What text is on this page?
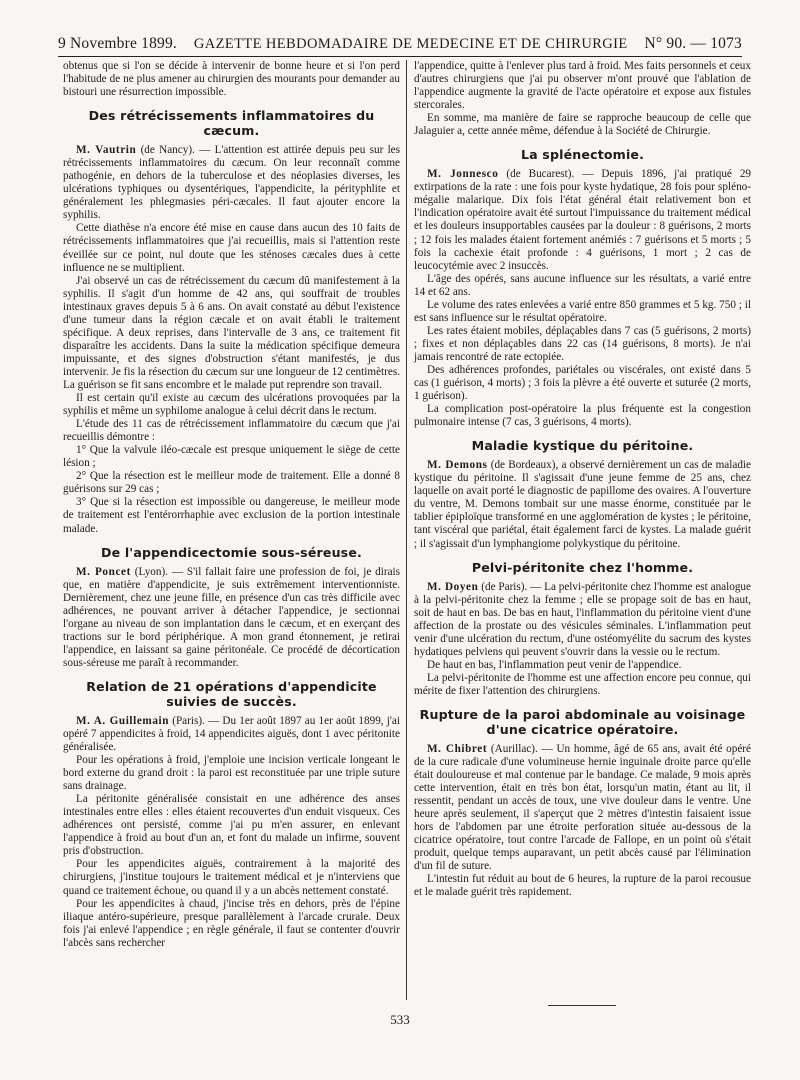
9 Novembre 1899. GAZETTE HEBDOMADAIRE DE MEDECINE ET DE CHIRURGIE N° 90. — 1073

obtenus que si l'on se décide à intervenir de bonne heure et si l'on perd l'habitude de ne plus amener au chirurgien des mourants pour demander au bistouri une résurrection impossible.

Des rétrécissements inflammatoires du cæcum.

M. Vautrin (de Nancy). — L'attention est attirée depuis peu sur les rétrécissements inflammatoires du cæcum. On leur reconnaît comme pathogénie, en dehors de la tuberculose et des néoplasies diverses, les ulcérations typhiques ou dysentériques, l'appendicite, la pérityphlite et généralement les phlegmasies péri-cæcales. Il faut ajouter encore la syphilis.

Cette diathèse n'a encore été mise en cause dans aucun des 10 faits de rétrécissements inflammatoires que j'ai recueillis, mais si l'attention reste éveillée sur ce point, nul doute que les sténoses cæcales dues à cette influence ne se multiplient.

J'ai observé un cas de rétrécissement du cæcum dû manifestement à la syphilis. Il s'agit d'un homme de 42 ans, qui souffrait de troubles intestinaux graves depuis 5 à 6 ans. On avait constaté au début l'existence d'une tumeur dans la région cæcale et on avait établi le traitement spécifique. A deux reprises, dans l'intervalle de 3 ans, ce traitement fit disparaître les accidents. Dans la suite la médication spécifique demeura impuissante, et des signes d'obstruction s'étant manifestés, je dus intervenir. Je fis la résection du cæcum sur une longueur de 12 centimètres. La guérison se fit sans encombre et le malade put reprendre son travail.

Il est certain qu'il existe au cæcum des ulcérations provoquées par la syphilis et même un syphilome analogue à celui décrit dans le rectum.

L'étude des 11 cas de rétrécissement inflammatoire du cæcum que j'ai recueillis démontre :

1° Que la valvule iléo-cæcale est presque uniquement le siège de cette lésion ;

2° Que la résection est le meilleur mode de traitement. Elle a donné 8 guérisons sur 29 cas ;

3° Que si la résection est impossible ou dangereuse, le meilleur mode de traitement est l'entérorrhaphie avec exclusion de la portion intestinale malade.

De l'appendicectomie sous-séreuse.

M. Poncet (Lyon). — S'il fallait faire une profession de foi, je dirais que, en matière d'appendicite, je suis extrêmement interventionniste. Dernièrement, chez une jeune fille, en présence d'un cas très difficile avec adhérences, ne pouvant arriver à détacher l'appendice, je sectionnai l'organe au niveau de son implantation dans le cæcum, et en exerçant des tractions sur le bord périphérique. A mon grand étonnement, je retirai l'appendice, en laissant sa gaine péritonéale. Ce procédé de décortication sous-séreuse me paraît à recommander.

Relation de 21 opérations d'appendicite suivies de succès.

M. A. Guillemain (Paris). — Du 1er août 1897 au 1er août 1899, j'ai opéré 7 appendicites à froid, 14 appendicites aiguës, dont 1 avec péritonite généralisée.

Pour les opérations à froid, j'emploie une incision verticale longeant le bord externe du grand droit : la paroi est reconstituée par une triple suture sans drainage.

La péritonite généralisée consistait en une adhérence des anses intestinales entre elles : elles étaient recouvertes d'un enduit visqueux. Ces adhérences ont persisté, comme j'ai pu m'en assurer, en enlevant l'appendice à froid au bout d'un an, et font du malade un infirme, souvent pris d'obstruction.

Pour les appendicites aiguës, contrairement à la majorité des chirurgiens, j'institue toujours le traitement médical et je n'interviens que quand ce traitement échoue, ou quand il y a un abcès nettement constaté.

Pour les appendicites à chaud, j'incise très en dehors, près de l'épine iliaque antéro-supérieure, presque parallèlement à l'arcade crurale. Deux fois j'ai enlevé l'appendice ; en règle générale, il faut se contenter d'ouvrir l'abcès sans rechercher

l'appendice, quitte à l'enlever plus tard à froid. Mes faits personnels et ceux d'autres chirurgiens que j'ai pu observer m'ont prouvé que l'ablation de l'appendice augmente la gravité de l'acte opératoire et expose aux fistules stercorales.

En somme, ma manière de faire se rapproche beaucoup de celle que Jalaguier a, cette année même, défendue à la Société de Chirurgie.

La splénectomie.

M. Jonnesco (de Bucarest). — Depuis 1896, j'ai pratiqué 29 extirpations de la rate : une fois pour kyste hydatique, 28 fois pour spléno-mégalie malarique. Dix fois l'état général était relativement bon et l'indication opératoire avait été surtout l'impuissance du traitement médical et les douleurs insupportables causées par la douleur : 8 guérisons, 2 morts ; 12 fois les malades étaient fortement anémiés : 7 guérisons et 5 morts ; 5 fois la cachexie était profonde : 4 guérisons, 1 mort ; 2 cas de leucocytémie avec 2 insuccès.

L'âge des opérés, sans aucune influence sur les résultats, a varié entre 14 et 62 ans.

Le volume des rates enlevées a varié entre 850 grammes et 5 kg. 750 ; il est sans influence sur le résultat opératoire.

Les rates étaient mobiles, déplaçables dans 7 cas (5 guérisons, 2 morts) ; fixes et non déplaçables dans 22 cas (14 guérisons, 8 morts). Je n'ai jamais rencontré de rate ectopiée.

Des adhérences profondes, pariétales ou viscérales, ont existé dans 5 cas (1 guérison, 4 morts) ; 3 fois la plèvre a été ouverte et suturée (2 morts, 1 guérison).

La complication post-opératoire la plus fréquente est la congestion pulmonaire intense (7 cas, 3 guérisons, 4 morts).

Maladie kystique du péritoine.

M. Demons (de Bordeaux), a observé dernièrement un cas de maladie kystique du péritoine. Il s'agissait d'une jeune femme de 25 ans, chez laquelle on avait porté le diagnostic de papillome des ovaires. A l'ouverture du ventre, M. Demons tombait sur une masse énorme, constituée par le tablier épiploïque transformé en une agglomération de kystes ; le péritoine, tant viscéral que pariétal, était également farci de kystes. La malade guérit ; il s'agissait d'un lymphangiome polykystique du péritoine.

Pelvi-péritonite chez l'homme.

M. Doyen (de Paris). — La pelvi-péritonite chez l'homme est analogue à la pelvi-péritonite chez la femme ; elle se propage soit de bas en haut, soit de haut en bas. De bas en haut, l'inflammation du péritoine vient d'une affection de la prostate ou des vésicules séminales. L'inflammation peut venir d'une ulcération du rectum, d'une ostéomyélite du sacrum des kystes hydatiques pelviens qui peuvent s'ouvrir dans la vessie ou le rectum.

De haut en bas, l'inflammation peut venir de l'appendice.

La pelvi-péritonite de l'homme est une affection encore peu connue, qui mérite de fixer l'attention des chirurgiens.

Rupture de la paroi abdominale au voisinage d'une cicatrice opératoire.

M. Chibret (Aurillac). — Un homme, âgé de 65 ans, avait été opéré de la cure radicale d'une volumineuse hernie inguinale droite parce qu'elle était douloureuse et mal contenue par le bandage. Ce malade, 9 mois après cette intervention, était en très bon état, lorsqu'un matin, étant au lit, il ressentit, pendant un accès de toux, une vive douleur dans le ventre. Une heure après seulement, il s'aperçut que 2 mètres d'intestin faisaient issue hors de l'abdomen par une étroite perforation située au-dessous de la cicatrice opératoire, tout contre l'arcade de Fallope, en un point où s'était produit, quelque temps auparavant, un petit abcès causé par l'élimination d'un fil de suture.

L'intestin fut réduit au bout de 6 heures, la rupture de la paroi recousue et le malade guérit très rapidement.

533
